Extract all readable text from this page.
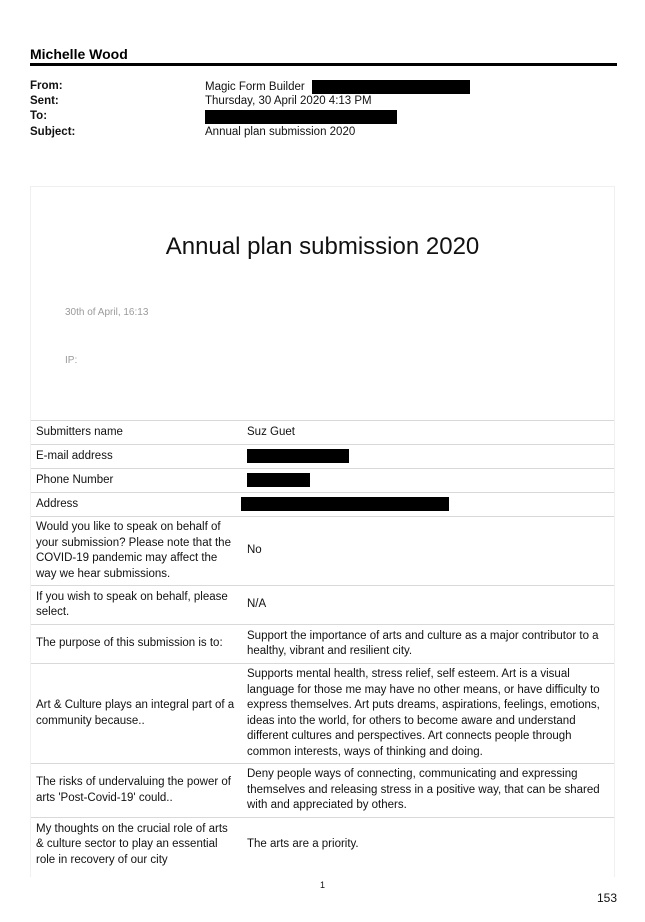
Michelle Wood
From:	Magic Form Builder
Sent:	Thursday, 30 April 2020 4:13 PM
To:
Subject:	Annual plan submission 2020
Annual plan submission 2020
30th of April, 16:13
IP:
Submitters name	Suz Guet
E-mail address	
Phone Number	
Address	
Would you like to speak on behalf of your submission? Please note that the COVID-19 pandemic may affect the way we hear submissions.	No
If you wish to speak on behalf, please select.	N/A
The purpose of this submission is to:	Support the importance of arts and culture as a major contributor to a healthy, vibrant and resilient city.
Art & Culture plays an integral part of a community because..	Supports mental health, stress relief, self esteem. Art is a visual language for those me may have no other means, or have difficulty to express themselves. Art puts dreams, aspirations, feelings, emotions, ideas into the world, for others to become aware and understand different cultures and perspectives. Art connects people through common interests, ways of thinking and doing.
The risks of undervaluing the power of arts 'Post-Covid-19' could..	Deny people ways of connecting, communicating and expressing themselves and releasing stress in a positive way, that can be shared with and appreciated by others.
My thoughts on the crucial role of arts & culture sector to play an essential role in recovery of our city	The arts are a priority.
1
153
